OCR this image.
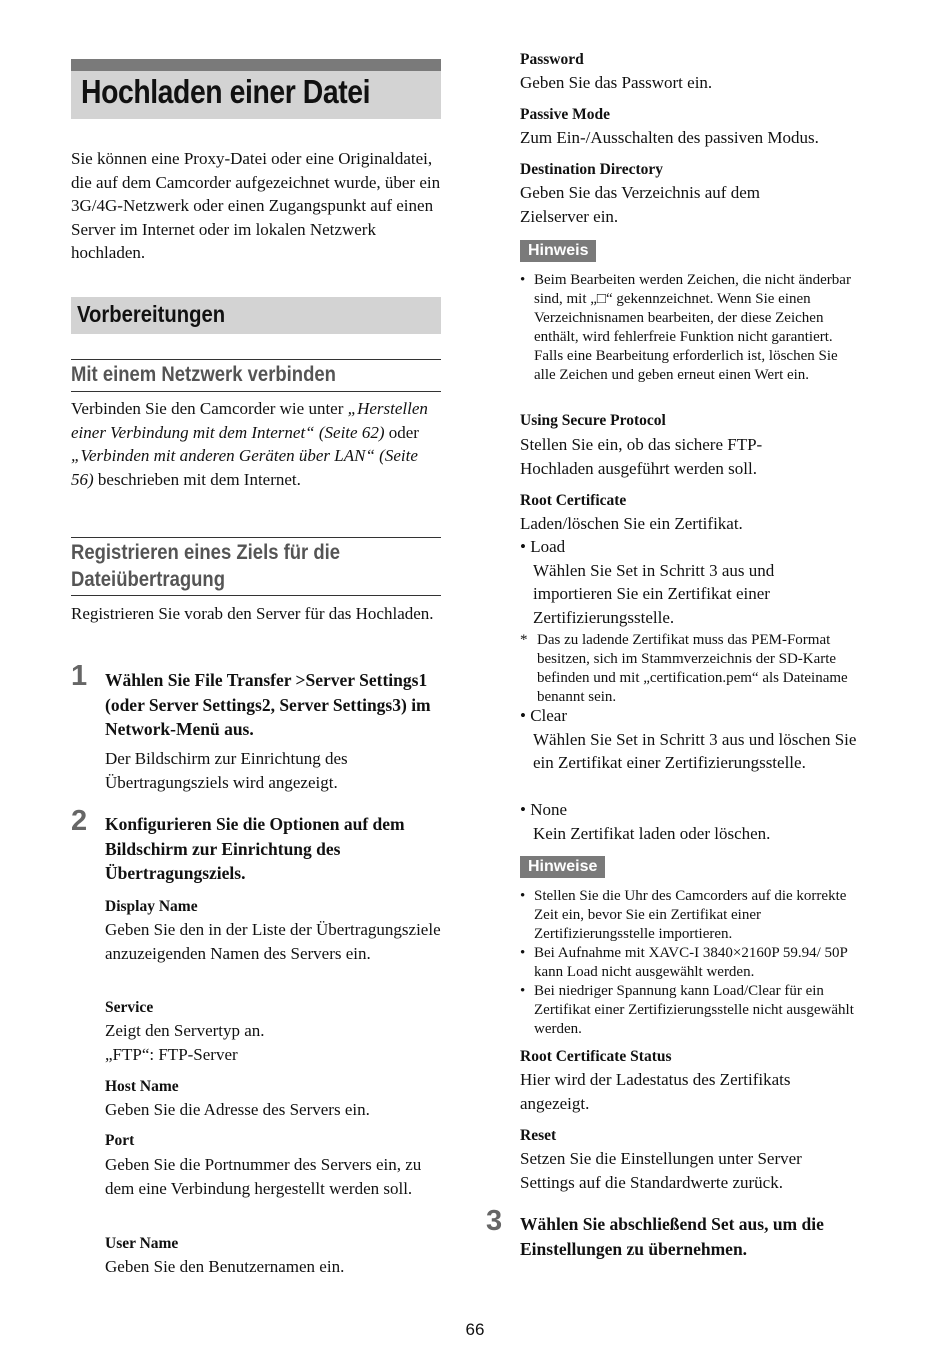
Hochladen einer Datei
Sie können eine Proxy-Datei oder eine Originaldatei, die auf dem Camcorder aufgezeichnet wurde, über ein 3G/4G-Netzwerk oder einen Zugangspunkt auf einen Server im Internet oder im lokalen Netzwerk hochladen.
Vorbereitungen
Mit einem Netzwerk verbinden
Verbinden Sie den Camcorder wie unter „Herstellen einer Verbindung mit dem Internet“ (Seite 62) oder „Verbinden mit anderen Geräten über LAN“ (Seite 56) beschrieben mit dem Internet.
Registrieren eines Ziels für die
Dateiübertragung
Registrieren Sie vorab den Server für das Hochladen.
1 Wählen Sie File Transfer >Server Settings1 (oder Server Settings2, Server Settings3) im Network-Menü aus.
Der Bildschirm zur Einrichtung des Übertragungsziels wird angezeigt.
2 Konfigurieren Sie die Optionen auf dem Bildschirm zur Einrichtung des Übertragungsziels.
Display Name
Geben Sie den in der Liste der Übertragungsziele anzuzeigenden Namen des Servers ein.
Service
Zeigt den Servertyp an.
„FTP“: FTP-Server
Host Name
Geben Sie die Adresse des Servers ein.
Port
Geben Sie die Portnummer des Servers ein, zu dem eine Verbindung hergestellt werden soll.
User Name
Geben Sie den Benutzernamen ein.
Password
Geben Sie das Passwort ein.
Passive Mode
Zum Ein-/Ausschalten des passiven Modus.
Destination Directory
Geben Sie das Verzeichnis auf dem Zielserver ein.
Hinweis
• Beim Bearbeiten werden Zeichen, die nicht änderbar sind, mit „□“ gekennzeichnet. Wenn Sie einen Verzeichnisnamen bearbeiten, der diese Zeichen enthält, wird fehlerfreie Funktion nicht garantiert. Falls eine Bearbeitung erforderlich ist, löschen Sie alle Zeichen und geben erneut einen Wert ein.
Using Secure Protocol
Stellen Sie ein, ob das sichere FTP-Hochladen ausgeführt werden soll.
Root Certificate
Laden/löschen Sie ein Zertifikat.
• Load
Wählen Sie Set in Schritt 3 aus und importieren Sie ein Zertifikat einer Zertifizierungsstelle.
* Das zu ladende Zertifikat muss das PEM-Format besitzen, sich im Stammverzeichnis der SD-Karte befinden und mit „certification.pem“ als Dateiname benannt sein.
• Clear
Wählen Sie Set in Schritt 3 aus und löschen Sie ein Zertifikat einer Zertifizierungsstelle.
• None
Kein Zertifikat laden oder löschen.
Hinweise
• Stellen Sie die Uhr des Camcorders auf die korrekte Zeit ein, bevor Sie ein Zertifikat einer Zertifizierungsstelle importieren.
• Bei Aufnahme mit XAVC-I 3840×2160P 59.94/ 50P kann Load nicht ausgewählt werden.
• Bei niedriger Spannung kann Load/Clear für ein Zertifikat einer Zertifizierungsstelle nicht ausgewählt werden.
Root Certificate Status
Hier wird der Ladestatus des Zertifikats angezeigt.
Reset
Setzen Sie die Einstellungen unter Server Settings auf die Standardwerte zurück.
3 Wählen Sie abschließend Set aus, um die Einstellungen zu übernehmen.
66
